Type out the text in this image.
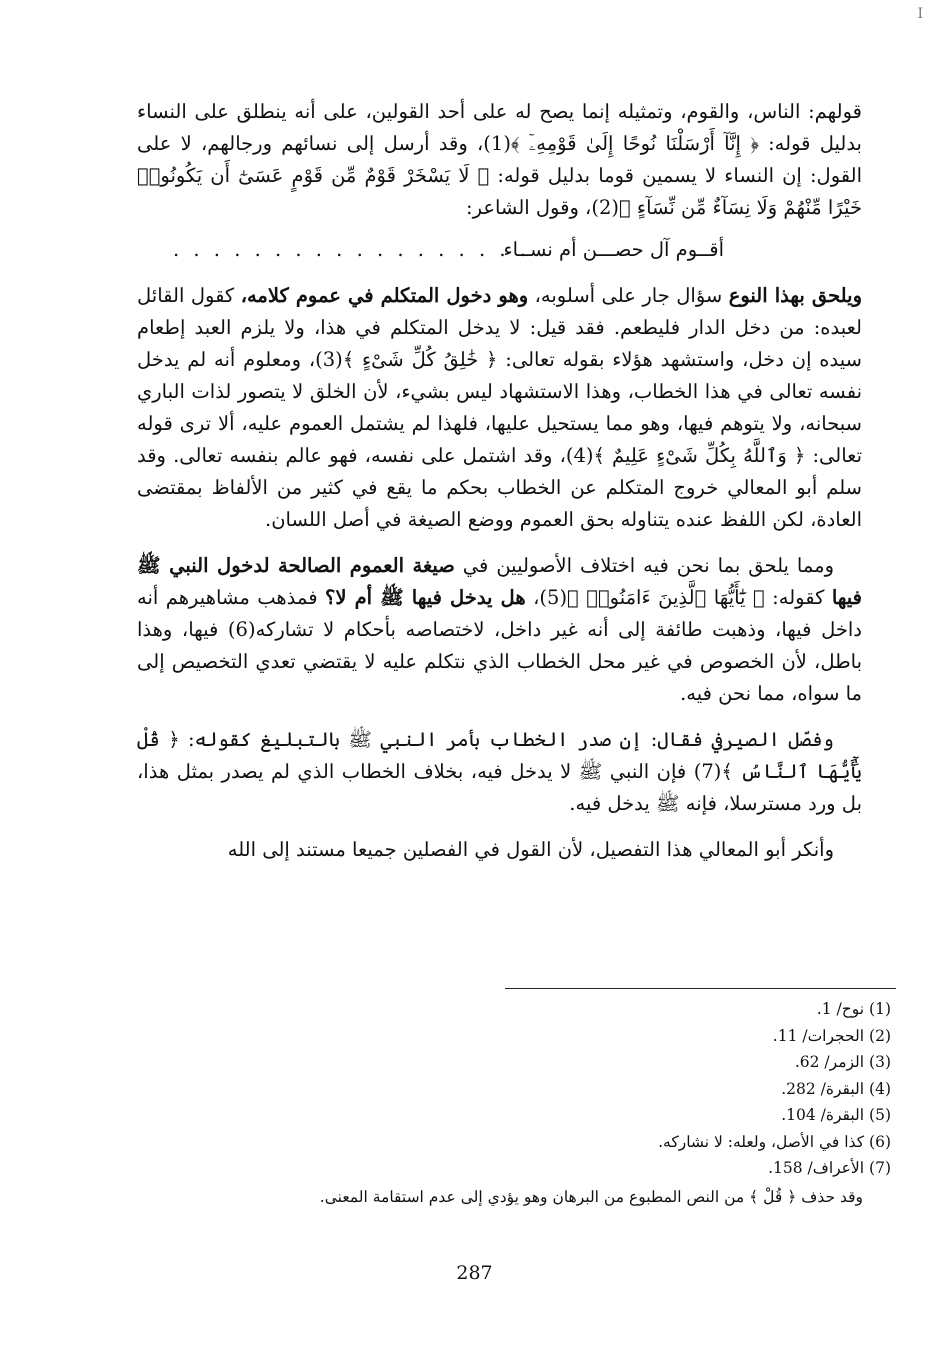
I

قولهم: الناس، والقوم، وتمثيله إنما يصح له على أحد القولين، على أنه ينطلق على النساء بدليل قوله: ﴿ إِنَّآ أَرْسَلْنَا نُوحًا إِلَىٰ قَوْمِهِۦٓ ﴾(1)، وقد أرسل إلى نسائهم ورجالهم، لا على القول: إن النساء لا يسمين قوما بدليل قوله: ﴿ لَا يَسْخَرْ قَوْمٌ مِّن قَوْمٍ عَسَىٰٓ أَن يَكُونُوا۟ خَيْرًا مِّنْهُمْ وَلَا نِسَآءٌ مِّن نِّسَآءٍ ﴾(2)، وقول الشاعر:

أقــوم آل حصـــن أم نســاء
. . . . . . . . . . . . . . . . . .

ويلحق بهذا النوع سؤال جار على أسلوبه، وهو دخول المتكلم في عموم كلامه، كقول القائل لعبده: من دخل الدار فليطعم. فقد قيل: لا يدخل المتكلم في هذا، ولا يلزم العبد إطعام سيده إن دخل، واستشهد هؤلاء بقوله تعالى: ﴿ خَٰلِقُ كُلِّ شَىْءٍ ﴾(3)، ومعلوم أنه لم يدخل نفسه تعالى في هذا الخطاب، وهذا الاستشهاد ليس بشيء، لأن الخلق لا يتصور لذات الباري سبحانه، ولا يتوهم فيها، وهو مما يستحيل عليها، فلهذا لم يشتمل العموم عليه، ألا ترى قوله تعالى: ﴿ وَٱللَّهُ بِكُلِّ شَىْءٍ عَلِيمٌ ﴾(4)، وقد اشتمل على نفسه، فهو عالم بنفسه تعالى. وقد سلم أبو المعالي خروج المتكلم عن الخطاب بحكم ما يقع في كثير من الألفاظ بمقتضى العادة، لكن اللفظ عنده يتناوله بحق العموم ووضع الصيغة في أصل اللسان.

ومما يلحق بما نحن فيه اختلاف الأصوليين في صيغة العموم الصالحة لدخول النبي ﷺ فيها كقوله: ﴿ يَٰٓأَيُّهَا ٱلَّذِينَ ءَامَنُوا۟ ﴾(5)، هل يدخل فيها ﷺ أم لا؟ فمذهب مشاهيرهم أنه داخل فيها، وذهبت طائفة إلى أنه غير داخل، لاختصاصه بأحكام لا تشاركه(6) فيها، وهذا باطل، لأن الخصوص في غير محل الخطاب الذي نتكلم عليه لا يقتضي تعدي التخصيص إلى ما سواه، مما نحن فيه.

وفصّل الصيرفي فقال: إن صدر الخطاب بأمر النبي ﷺ بالتبليغ كقوله: ﴿ قُلْ يَٰٓأَيُّهَا ٱلنَّاسُ ﴾(7) فإن النبي ﷺ لا يدخل فيه، بخلاف الخطاب الذي لم يصدر بمثل هذا، بل ورد مسترسلا، فإنه ﷺ يدخل فيه.

وأنكر أبو المعالي هذا التفصيل، لأن القول في الفصلين جميعا مستند إلى الله

(1) نوح/ 1.

(2) الحجرات/ 11.

(3) الزمر/ 62.

(4) البقرة/ 282.

(5) البقرة/ 104.

(6) كذا في الأصل، ولعله: لا نشاركه.

(7) الأعراف/ 158.

وقد حذف ﴿ قُلْ ﴾ من النص المطبوع من البرهان وهو يؤدي إلى عدم استقامة المعنى.

287
